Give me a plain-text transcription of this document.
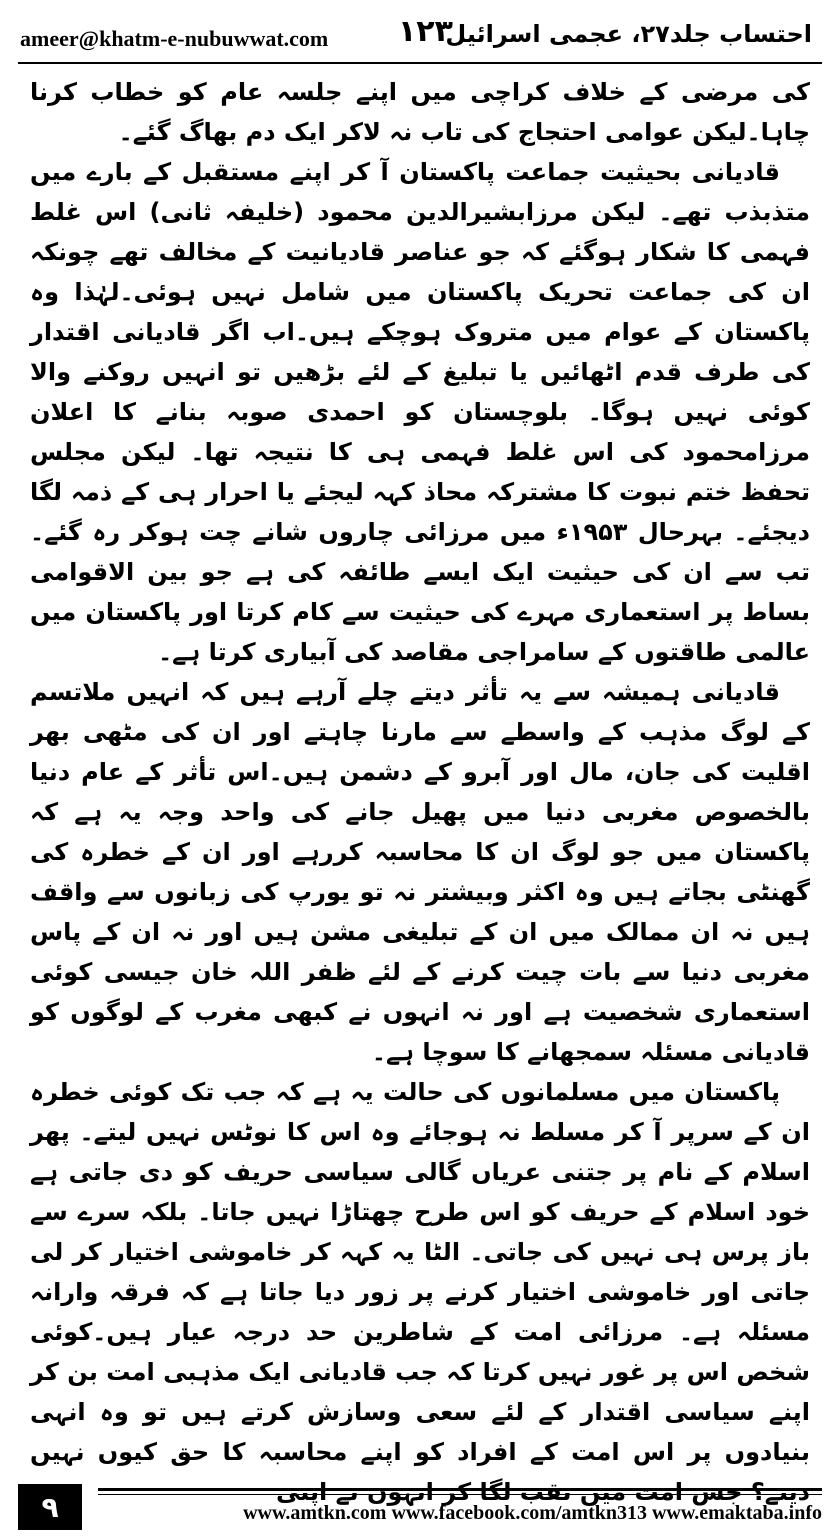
ameer@khatm-e-nubuwwat.com ۱۲۳
احتساب جلد۲۷، عجمی اسرائیل

کی مرضی کے خلاف کراچی میں اپنے جلسہ عام کو خطاب کرنا چاہا۔لیکن عوامی احتجاج کی تاب نہ لاکر ایک دم بھاگ گئے۔

قادیانی بحیثیت جماعت پاکستان آ کر اپنے مستقبل کے بارے میں متذبذب تھے۔ لیکن مرزابشیرالدین محمود (خلیفہ ثانی) اس غلط فہمی کا شکار ہوگئے کہ جو عناصر قادیانیت کے مخالف تھے چونکہ ان کی جماعت تحریک پاکستان میں شامل نہیں ہوئی۔لہٰذا وہ پاکستان کے عوام میں متروک ہوچکے ہیں۔اب اگر قادیانی اقتدار کی طرف قدم اٹھائیں یا تبلیغ کے لئے بڑھیں تو انہیں روکنے والا کوئی نہیں ہوگا۔ بلوچستان کو احمدی صوبہ بنانے کا اعلان مرزامحمود کی اس غلط فہمی ہی کا نتیجہ تھا۔ لیکن مجلس تحفظ ختم نبوت کا مشترکہ محاذ کہہ لیجئے یا احرار ہی کے ذمہ لگا دیجئے۔ بہرحال ۱۹۵۳ء میں مرزائی چاروں شانے چت ہوکر رہ گئے۔تب سے ان کی حیثیت ایک ایسے طائفہ کی ہے جو بین الاقوامی بساط پر استعماری مہرے کی حیثیت سے کام کرتا اور پاکستان میں عالمی طاقتوں کے سامراجی مقاصد کی آبیاری کرتا ہے۔

قادیانی ہمیشہ سے یہ تأثر دیتے چلے آرہے ہیں کہ انہیں ملاتسم کے لوگ مذہب کے واسطے سے مارنا چاہتے اور ان کی مٹھی بھر اقلیت کی جان، مال اور آبرو کے دشمن ہیں۔اس تأثر کے عام دنیا بالخصوص مغربی دنیا میں پھیل جانے کی واحد وجہ یہ ہے کہ پاکستان میں جو لوگ ان کا محاسبہ کررہے اور ان کے خطرہ کی گھنٹی بجاتے ہیں وہ اکثر وبیشتر نہ تو یورپ کی زبانوں سے واقف ہیں نہ ان ممالک میں ان کے تبلیغی مشن ہیں اور نہ ان کے پاس مغربی دنیا سے بات چیت کرنے کے لئے ظفر اللہ خان جیسی کوئی استعماری شخصیت ہے اور نہ انہوں نے کبھی مغرب کے لوگوں کو قادیانی مسئلہ سمجھانے کا سوچا ہے۔

پاکستان میں مسلمانوں کی حالت یہ ہے کہ جب تک کوئی خطرہ ان کے سرپر آ کر مسلط نہ ہوجائے وہ اس کا نوٹس نہیں لیتے۔ پھر اسلام کے نام پر جتنی عریاں گالی سیاسی حریف کو دی جاتی ہے خود اسلام کے حریف کو اس طرح چھتاڑا نہیں جاتا۔ بلکہ سرے سے باز پرس ہی نہیں کی جاتی۔ الٹا یہ کہہ کر خاموشی اختیار کر لی جاتی اور خاموشی اختیار کرنے پر زور دیا جاتا ہے کہ فرقہ وارانہ مسئلہ ہے۔ مرزائی امت کے شاطرین حد درجہ عیار ہیں۔کوئی شخص اس پر غور نہیں کرتا کہ جب قادیانی ایک مذہبی امت بن کر اپنے سیاسی اقتدار کے لئے سعی وسازش کرتے ہیں تو وہ انہی بنیادوں پر اس امت کے افراد کو اپنے محاسبہ کا حق کیوں نہیں دیتے؟ جس امت میں نقب لگا کر انہوں نے اپنی

۹	www.amtkn.com www.facebook.com/amtkn313 www.emaktaba.info
